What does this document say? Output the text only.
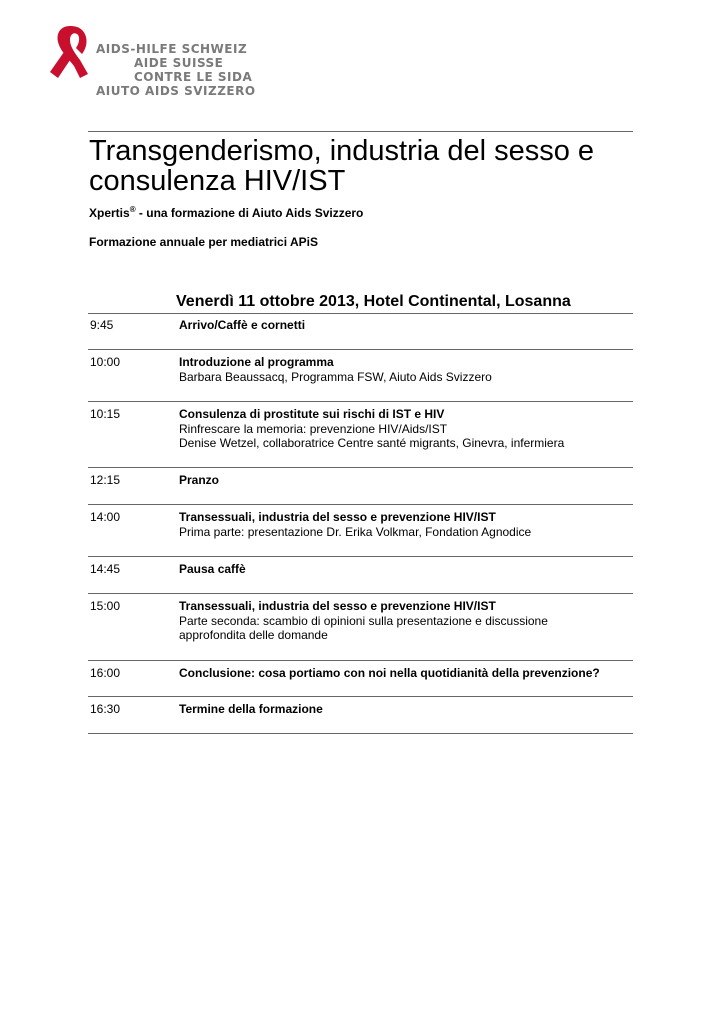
AIDS-HILFE SCHWEIZ
AIDE SUISSE CONTRE LE SIDA
AIUTO AIDS SVIZZERO
Transgenderismo, industria del sesso e consulenza HIV/IST
Xpertis® - una formazione di Aiuto Aids Svizzero
Formazione annuale per mediatrici APiS
Venerdì 11 ottobre 2013, Hotel Continental, Losanna
9:45	Arrivo/Caffè e cornetti
10:00	Introduzione al programma
Barbara Beaussacq, Programma FSW, Aiuto Aids Svizzero
10:15	Consulenza di prostitute sui rischi di IST e HIV
Rinfrescare la memoria: prevenzione HIV/Aids/IST
Denise Wetzel, collaboratrice Centre santé migrants, Ginevra, infermiera
12:15	Pranzo
14:00	Transessuali, industria del sesso e prevenzione HIV/IST
Prima parte: presentazione Dr. Erika Volkmar, Fondation Agnodice
14:45	Pausa caffè
15:00	Transessuali, industria del sesso e prevenzione HIV/IST
Parte seconda: scambio di opinioni sulla presentazione e discussione
approfondita delle domande
16:00	Conclusione: cosa portiamo con noi nella quotidianità della prevenzione?
16:30	Termine della formazione
